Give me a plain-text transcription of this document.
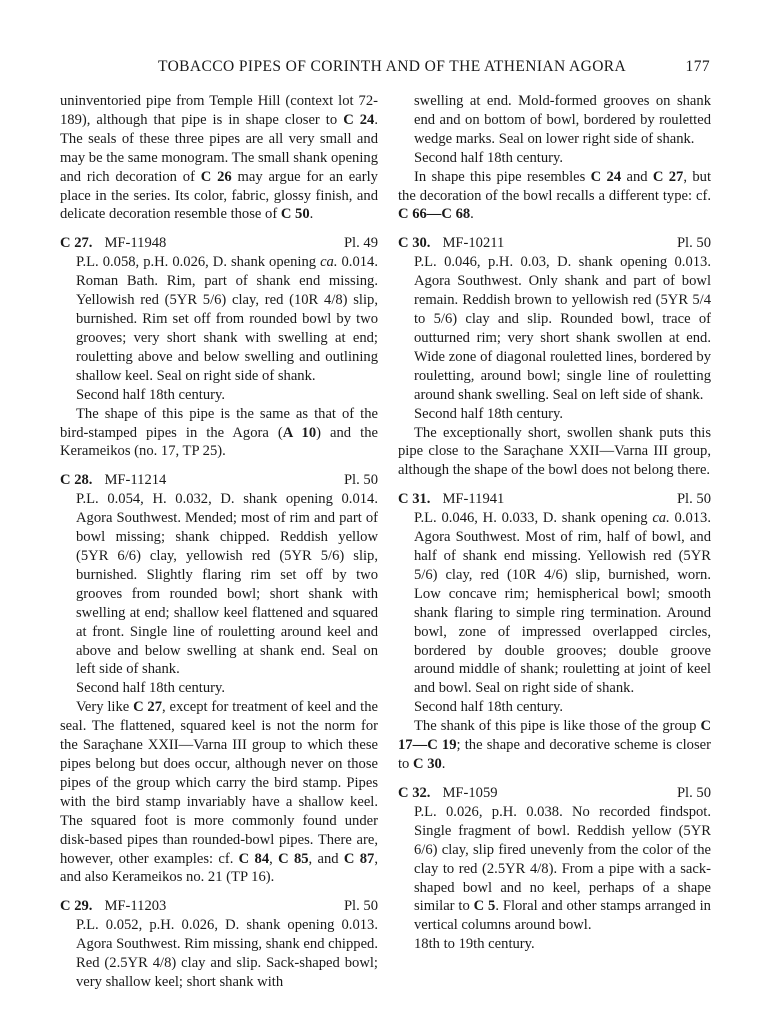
TOBACCO PIPES OF CORINTH AND OF THE ATHENIAN AGORA	177

uninventoried pipe from Temple Hill (context lot 72-189), although that pipe is in shape closer to C 24. The seals of these three pipes are all very small and may be the same monogram. The small shank opening and rich decoration of C 26 may argue for an early place in the series. Its color, fabric, glossy finish, and delicate decoration resemble those of C 50.

C 27. MF-11948	Pl. 49
P.L. 0.058, p.H. 0.026, D. shank opening ca. 0.014. Roman Bath. Rim, part of shank end missing. Yellowish red (5YR 5/6) clay, red (10R 4/8) slip, burnished. Rim set off from rounded bowl by two grooves; very short shank with swelling at end; rouletting above and below swelling and outlining shallow keel. Seal on right side of shank.
Second half 18th century.

The shape of this pipe is the same as that of the bird-stamped pipes in the Agora (A 10) and the Kerameikos (no. 17, TP 25).

C 28. MF-11214	Pl. 50
P.L. 0.054, H. 0.032, D. shank opening 0.014. Agora Southwest. Mended; most of rim and part of bowl missing; shank chipped. Reddish yellow (5YR 6/6) clay, yellowish red (5YR 5/6) slip, burnished. Slightly flaring rim set off by two grooves from rounded bowl; short shank with swelling at end; shallow keel flattened and squared at front. Single line of rouletting around keel and above and below swelling at shank end. Seal on left side of shank.
Second half 18th century.

Very like C 27, except for treatment of keel and the seal. The flattened, squared keel is not the norm for the Saraçhane XXII—Varna III group to which these pipes belong but does occur, although never on those pipes of the group which carry the bird stamp. Pipes with the bird stamp invariably have a shallow keel. The squared foot is more commonly found under disk-based pipes than rounded-bowl pipes. There are, however, other examples: cf. C 84, C 85, and C 87, and also Kerameikos no. 21 (TP 16).

C 29. MF-11203	Pl. 50
P.L. 0.052, p.H. 0.026, D. shank opening 0.013. Agora Southwest. Rim missing, shank end chipped. Red (2.5YR 4/8) clay and slip. Sack-shaped bowl; very shallow keel; short shank with
swelling at end. Mold-formed grooves on shank end and on bottom of bowl, bordered by rouletted wedge marks. Seal on lower right side of shank.
Second half 18th century.

In shape this pipe resembles C 24 and C 27, but the decoration of the bowl recalls a different type: cf. C 66—C 68.

C 30. MF-10211	Pl. 50
P.L. 0.046, p.H. 0.03, D. shank opening 0.013. Agora Southwest. Only shank and part of bowl remain. Reddish brown to yellowish red (5YR 5/4 to 5/6) clay and slip. Rounded bowl, trace of outturned rim; very short shank swollen at end. Wide zone of diagonal rouletted lines, bordered by rouletting, around bowl; single line of rouletting around shank swelling. Seal on left side of shank.
Second half 18th century.

The exceptionally short, swollen shank puts this pipe close to the Saraçhane XXII—Varna III group, although the shape of the bowl does not belong there.

C 31. MF-11941	Pl. 50
P.L. 0.046, H. 0.033, D. shank opening ca. 0.013. Agora Southwest. Most of rim, half of bowl, and half of shank end missing. Yellowish red (5YR 5/6) clay, red (10R 4/6) slip, burnished, worn. Low concave rim; hemispherical bowl; smooth shank flaring to simple ring termination. Around bowl, zone of impressed overlapped circles, bordered by double grooves; double groove around middle of shank; rouletting at joint of keel and bowl. Seal on right side of shank.
Second half 18th century.

The shank of this pipe is like those of the group C 17—C 19; the shape and decorative scheme is closer to C 30.

C 32. MF-1059	Pl. 50
P.L. 0.026, p.H. 0.038. No recorded findspot. Single fragment of bowl. Reddish yellow (5YR 6/6) clay, slip fired unevenly from the color of the clay to red (2.5YR 4/8). From a pipe with a sack-shaped bowl and no keel, perhaps of a shape similar to C 5. Floral and other stamps arranged in vertical columns around bowl.
18th to 19th century.
